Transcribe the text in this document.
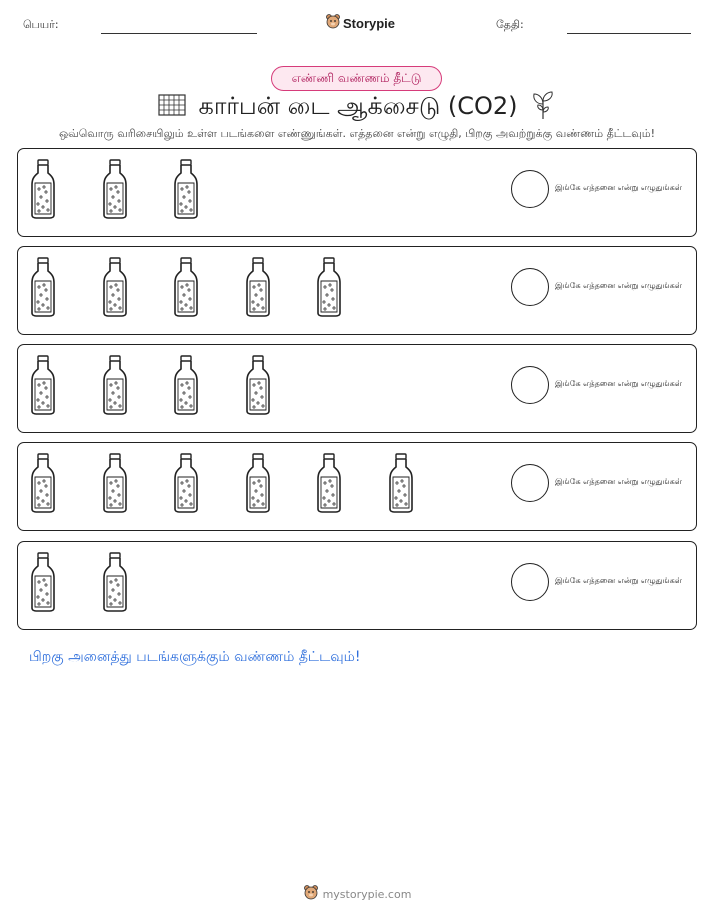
பெயர்:	Storypie	தேதி:
எண்ணி வண்ணம் தீட்டு
கார்பன் டை ஆக்சைடு (CO2)
ஒவ்வொரு வரிசையிலும் உள்ள படங்களை எண்ணுங்கள். எத்தனை என்று எழுதி, பிறகு அவற்றுக்கு வண்ணம் தீட்டவும்!
இங்கே எத்தனை என்று எழுதுங்கள்
இங்கே எத்தனை என்று எழுதுங்கள்
இங்கே எத்தனை என்று எழுதுங்கள்
இங்கே எத்தனை என்று எழுதுங்கள்
இங்கே எத்தனை என்று எழுதுங்கள்
பிறகு அனைத்து படங்களுக்கும் வண்ணம் தீட்டவும்!
mystorypie.com
